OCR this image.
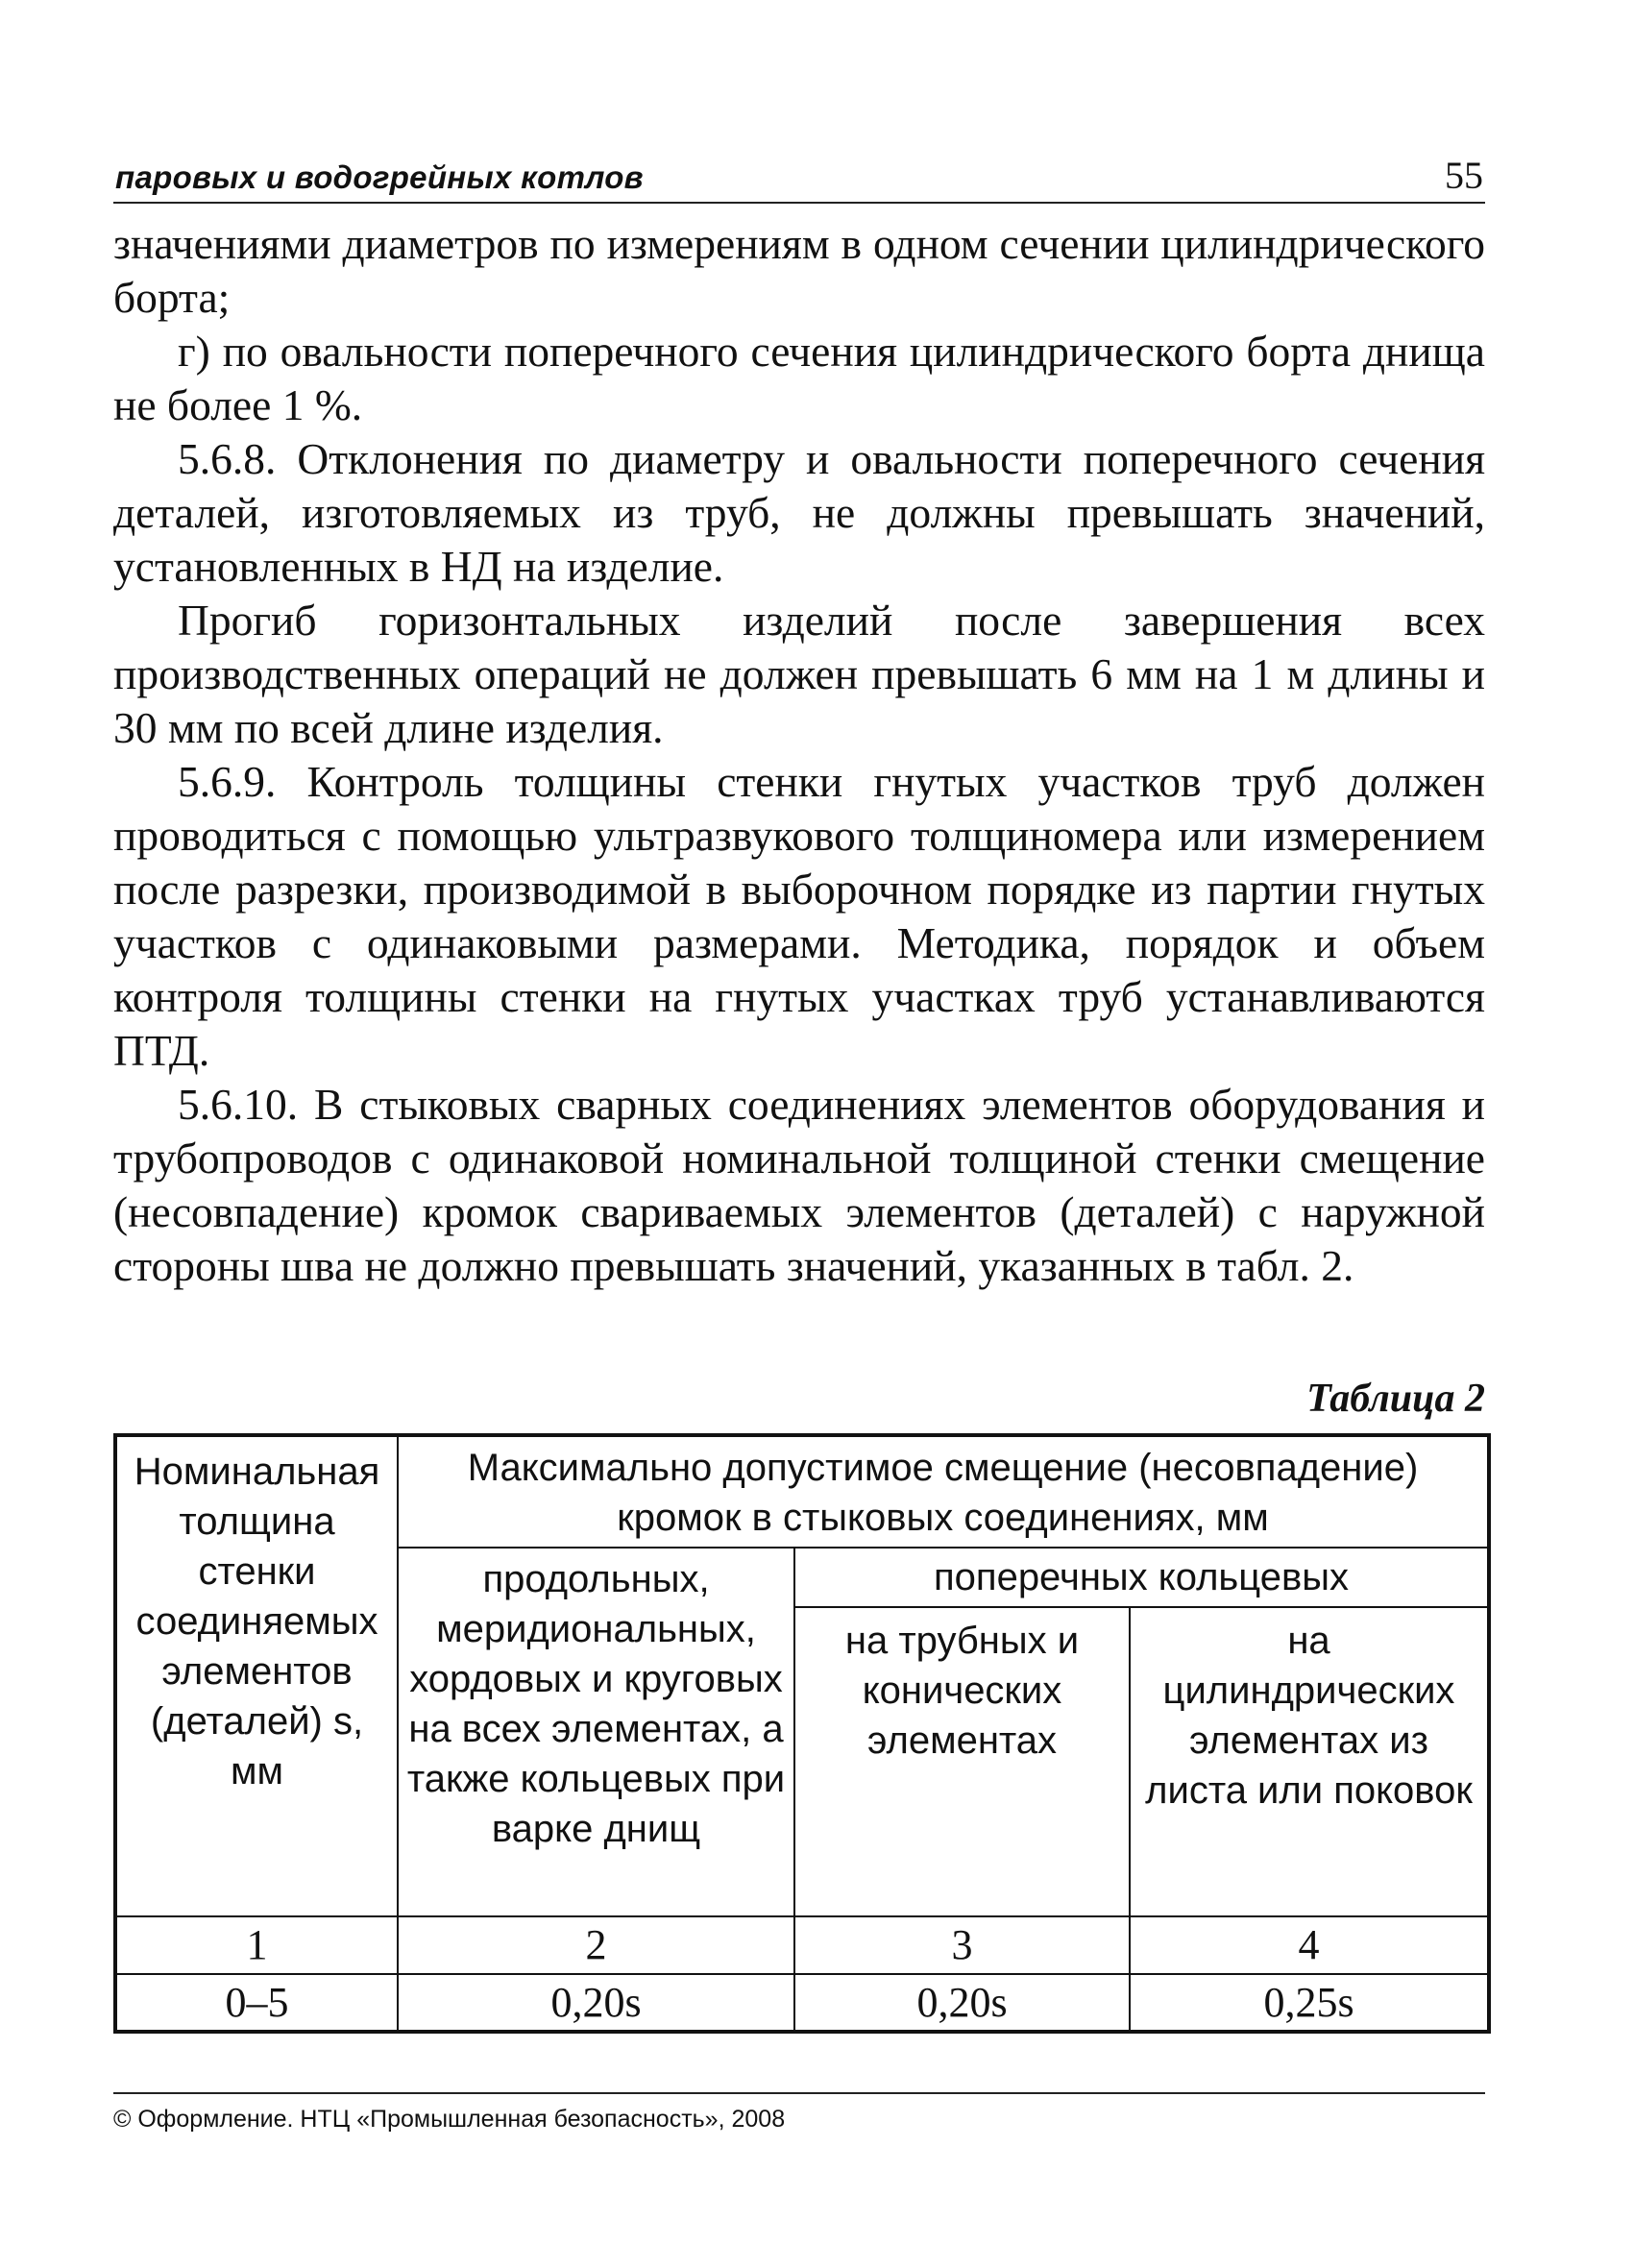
паровых и водогрейных котлов	55

значениями диаметров по измерениям в одном сечении цилиндрического борта;

г) по овальности поперечного сечения цилиндрического борта днища не более 1 %.

5.6.8. Отклонения по диаметру и овальности поперечного сечения деталей, изготовляемых из труб, не должны превышать значений, установленных в НД на изделие.

Прогиб горизонтальных изделий после завершения всех производственных операций не должен превышать 6 мм на 1 м длины и 30 мм по всей длине изделия.

5.6.9. Контроль толщины стенки гнутых участков труб должен проводиться с помощью ультразвукового толщиномера или измерением после разрезки, производимой в выборочном порядке из партии гнутых участков с одинаковыми размерами. Методика, порядок и объем контроля толщины стенки на гнутых участках труб устанавливаются ПТД.

5.6.10. В стыковых сварных соединениях элементов оборудования и трубопроводов с одинаковой номинальной толщиной стенки смещение (несовпадение) кромок свариваемых элементов (деталей) с наружной стороны шва не должно превышать значений, указанных в табл. 2.

Таблица 2
Номинальная толщина стенки соединяемых элементов (деталей) s, мм	Максимально допустимое смещение (несовпадение) кромок в стыковых соединениях, мм		
	продольных, меридиональных, хордовых и круговых на всех элементах, а также кольцевых при варке днищ	поперечных кольцевых	
		на трубных и конических элементах	на цилиндрических элементах из листа или поковок
1	2	3	4
0–5	0,20s	0,20s	0,25s
© Оформление. НТЦ «Промышленная безопасность», 2008
